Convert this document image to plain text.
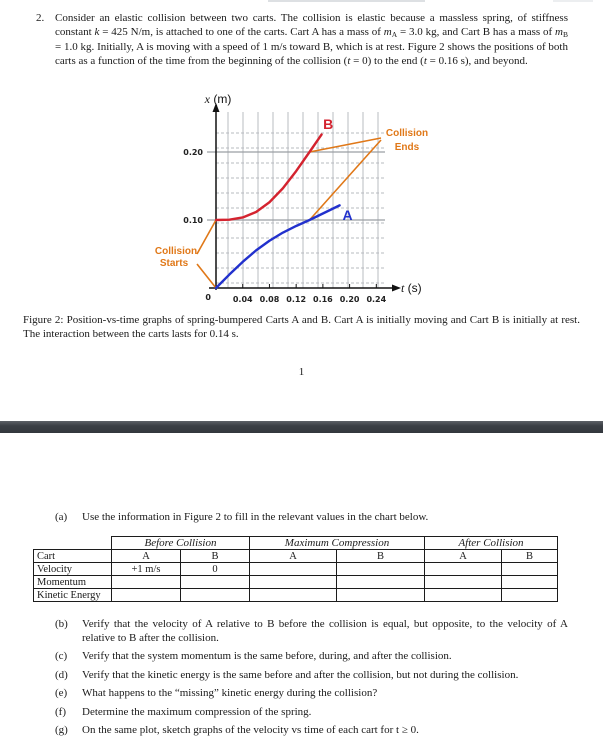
2. Consider an elastic collision between two carts. The collision is elastic because a massless spring, of stiffness constant k = 425 N/m, is attached to one of the carts. Cart A has a mass of mA = 3.0 kg, and Cart B has a mass of mB = 1.0 kg. Initially, A is moving with a speed of 1 m/s toward B, which is at rest. Figure 2 shows the positions of both carts as a function of the time from the beginning of the collision (t = 0) to the end (t = 0.16 s), and beyond.
0.04 0.08 0.12 0.16 0.20 0.24
0.10
0.20
0
x (m)
t (s)
Collision
Starts
Collision
Ends
A
B
Figure 2: Position-vs-time graphs of spring-bumpered Carts A and B. Cart A is initially moving and Cart B is initially at rest. The interaction between the carts lasts for 0.14 s.
1
(a)	Use the information in Figure 2 to fill in the relevant values in the chart below.
	Before Collision		Maximum Compression		After Collision	
Cart	A	B	A	B	A	B
Velocity	+1 m/s	0				
Momentum						
Kinetic Energy						
(b)	Verify that the velocity of A relative to B before the collision is equal, but opposite, to the velocity of A relative to B after the collision.
(c)	Verify that the system momentum is the same before, during, and after the collision.
(d)	Verify that the kinetic energy is the same before and after the collision, but not during the collision.
(e)	What happens to the “missing” kinetic energy during the collision?
(f)	Determine the maximum compression of the spring.
(g)	On the same plot, sketch graphs of the velocity vs time of each cart for t ≥ 0.
